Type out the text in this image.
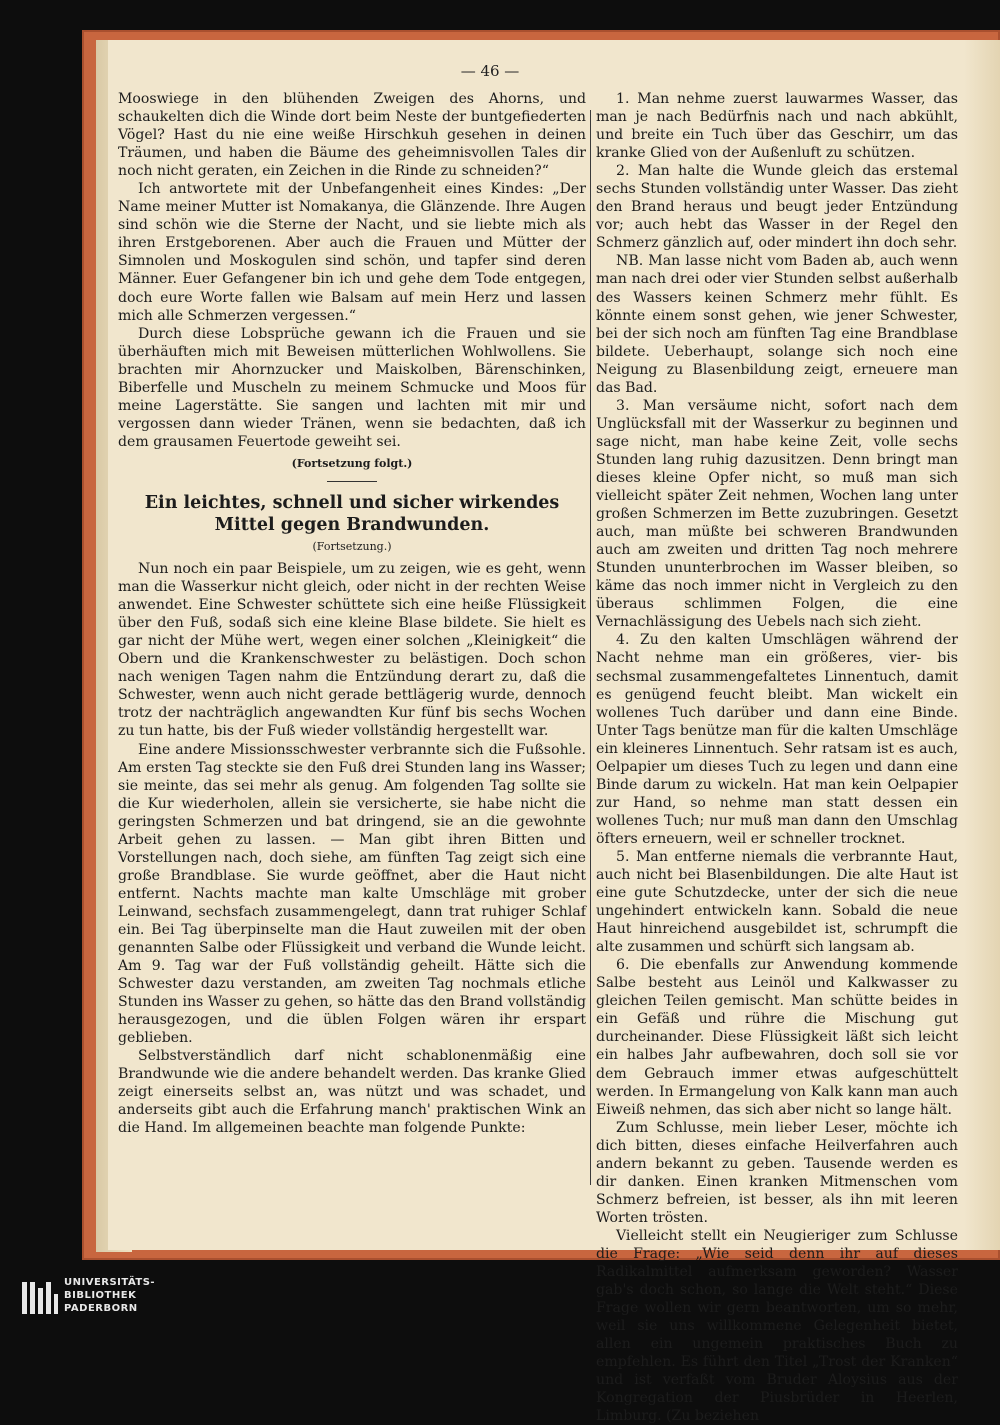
— 46 —

Mooswiege in den blühenden Zweigen des Ahorns, und schaukelten dich die Winde dort beim Neste der buntgefiederten Vögel? Hast du nie eine weiße Hirschkuh gesehen in deinen Träumen, und haben die Bäume des geheimnisvollen Tales dir noch nicht geraten, ein Zeichen in die Rinde zu schneiden?“

Ich antwortete mit der Unbefangenheit eines Kindes: „Der Name meiner Mutter ist Nomakanya, die Glänzende. Ihre Augen sind schön wie die Sterne der Nacht, und sie liebte mich als ihren Erstgeborenen. Aber auch die Frauen und Mütter der Simnolen und Moskogulen sind schön, und tapfer sind deren Männer. Euer Gefangener bin ich und gehe dem Tode entgegen, doch eure Worte fallen wie Balsam auf mein Herz und lassen mich alle Schmerzen vergessen.“

Durch diese Lobsprüche gewann ich die Frauen und sie überhäuften mich mit Beweisen mütterlichen Wohlwollens. Sie brachten mir Ahornzucker und Maiskolben, Bärenschinken, Biberfelle und Muscheln zu meinem Schmucke und Moos für meine Lagerstätte. Sie sangen und lachten mit mir und vergossen dann wieder Tränen, wenn sie bedachten, daß ich dem grausamen Feuertode geweiht sei.

(Fortsetzung folgt.)
Ein leichtes, schnell und sicher wirkendes
Mittel gegen Brandwunden.
(Fortsetzung.)

Nun noch ein paar Beispiele, um zu zeigen, wie es geht, wenn man die Wasserkur nicht gleich, oder nicht in der rechten Weise anwendet. Eine Schwester schüttete sich eine heiße Flüssigkeit über den Fuß, sodaß sich eine kleine Blase bildete. Sie hielt es gar nicht der Mühe wert, wegen einer solchen „Kleinigkeit“ die Obern und die Krankenschwester zu belästigen. Doch schon nach wenigen Tagen nahm die Entzündung derart zu, daß die Schwester, wenn auch nicht gerade bettlägerig wurde, dennoch trotz der nachträglich angewandten Kur fünf bis sechs Wochen zu tun hatte, bis der Fuß wieder vollständig hergestellt war.

Eine andere Missionsschwester verbrannte sich die Fußsohle. Am ersten Tag steckte sie den Fuß drei Stunden lang ins Wasser; sie meinte, das sei mehr als genug. Am folgenden Tag sollte sie die Kur wiederholen, allein sie versicherte, sie habe nicht die geringsten Schmerzen und bat dringend, sie an die gewohnte Arbeit gehen zu lassen. — Man gibt ihren Bitten und Vorstellungen nach, doch siehe, am fünften Tag zeigt sich eine große Brandblase. Sie wurde geöffnet, aber die Haut nicht entfernt. Nachts machte man kalte Umschläge mit grober Leinwand, sechsfach zusammengelegt, dann trat ruhiger Schlaf ein. Bei Tag überpinselte man die Haut zuweilen mit der oben genannten Salbe oder Flüssigkeit und verband die Wunde leicht. Am 9. Tag war der Fuß vollständig geheilt. Hätte sich die Schwester dazu verstanden, am zweiten Tag nochmals etliche Stunden ins Wasser zu gehen, so hätte das den Brand vollständig herausgezogen, und die üblen Folgen wären ihr erspart geblieben.

Selbstverständlich darf nicht schablonenmäßig eine Brandwunde wie die andere behandelt werden. Das kranke Glied zeigt einerseits selbst an, was nützt und was schadet, und anderseits gibt auch die Erfahrung manch' praktischen Wink an die Hand. Im allgemeinen beachte man folgende Punkte:

1. Man nehme zuerst lauwarmes Wasser, das man je nach Bedürfnis nach und nach abkühlt, und breite ein Tuch über das Geschirr, um das kranke Glied von der Außenluft zu schützen.

2. Man halte die Wunde gleich das erstemal sechs Stunden vollständig unter Wasser. Das zieht den Brand heraus und beugt jeder Entzündung vor; auch hebt das Wasser in der Regel den Schmerz gänzlich auf, oder mindert ihn doch sehr.

NB. Man lasse nicht vom Baden ab, auch wenn man nach drei oder vier Stunden selbst außerhalb des Wassers keinen Schmerz mehr fühlt. Es könnte einem sonst gehen, wie jener Schwester, bei der sich noch am fünften Tag eine Brandblase bildete. Ueberhaupt, solange sich noch eine Neigung zu Blasenbildung zeigt, erneuere man das Bad.

3. Man versäume nicht, sofort nach dem Unglücksfall mit der Wasserkur zu beginnen und sage nicht, man habe keine Zeit, volle sechs Stunden lang ruhig dazusitzen. Denn bringt man dieses kleine Opfer nicht, so muß man sich vielleicht später Zeit nehmen, Wochen lang unter großen Schmerzen im Bette zuzubringen. Gesetzt auch, man müßte bei schweren Brandwunden auch am zweiten und dritten Tag noch mehrere Stunden ununterbrochen im Wasser bleiben, so käme das noch immer nicht in Vergleich zu den überaus schlimmen Folgen, die eine Vernachlässigung des Uebels nach sich zieht.

4. Zu den kalten Umschlägen während der Nacht nehme man ein größeres, vier- bis sechsmal zusammengefaltetes Linnentuch, damit es genügend feucht bleibt. Man wickelt ein wollenes Tuch darüber und dann eine Binde. Unter Tags benütze man für die kalten Umschläge ein kleineres Linnentuch. Sehr ratsam ist es auch, Oelpapier um dieses Tuch zu legen und dann eine Binde darum zu wickeln. Hat man kein Oelpapier zur Hand, so nehme man statt dessen ein wollenes Tuch; nur muß man dann den Umschlag öfters erneuern, weil er schneller trocknet.

5. Man entferne niemals die verbrannte Haut, auch nicht bei Blasenbildungen. Die alte Haut ist eine gute Schutzdecke, unter der sich die neue ungehindert entwickeln kann. Sobald die neue Haut hinreichend ausgebildet ist, schrumpft die alte zusammen und schürft sich langsam ab.

6. Die ebenfalls zur Anwendung kommende Salbe besteht aus Leinöl und Kalkwasser zu gleichen Teilen gemischt. Man schütte beides in ein Gefäß und rühre die Mischung gut durcheinander. Diese Flüssigkeit läßt sich leicht ein halbes Jahr aufbewahren, doch soll sie vor dem Gebrauch immer etwas aufgeschüttelt werden. In Ermangelung von Kalk kann man auch Eiweiß nehmen, das sich aber nicht so lange hält.

Zum Schlusse, mein lieber Leser, möchte ich dich bitten, dieses einfache Heilverfahren auch andern bekannt zu geben. Tausende werden es dir danken. Einen kranken Mitmenschen vom Schmerz befreien, ist besser, als ihn mit leeren Worten trösten.

Vielleicht stellt ein Neugieriger zum Schlusse die Frage: „Wie seid denn ihr auf dieses Radikalmittel aufmerksam geworden? Wasser gab's doch schon, so lange die Welt steht.“ Diese Frage wollen wir gern beantworten, um so mehr, weil sie uns willkommene Gelegenheit bietet, allen ein ungemein praktisches Buch zu empfehlen. Es führt den Titel „Trost der Kranken“ und ist verfaßt vom Bruder Aloysius aus der Kongregation der Piusbrüder in Heerlen, Limburg. (Zu beziehen

UNIVERSITÄTS-
BIBLIOTHEK
PADERBORN
